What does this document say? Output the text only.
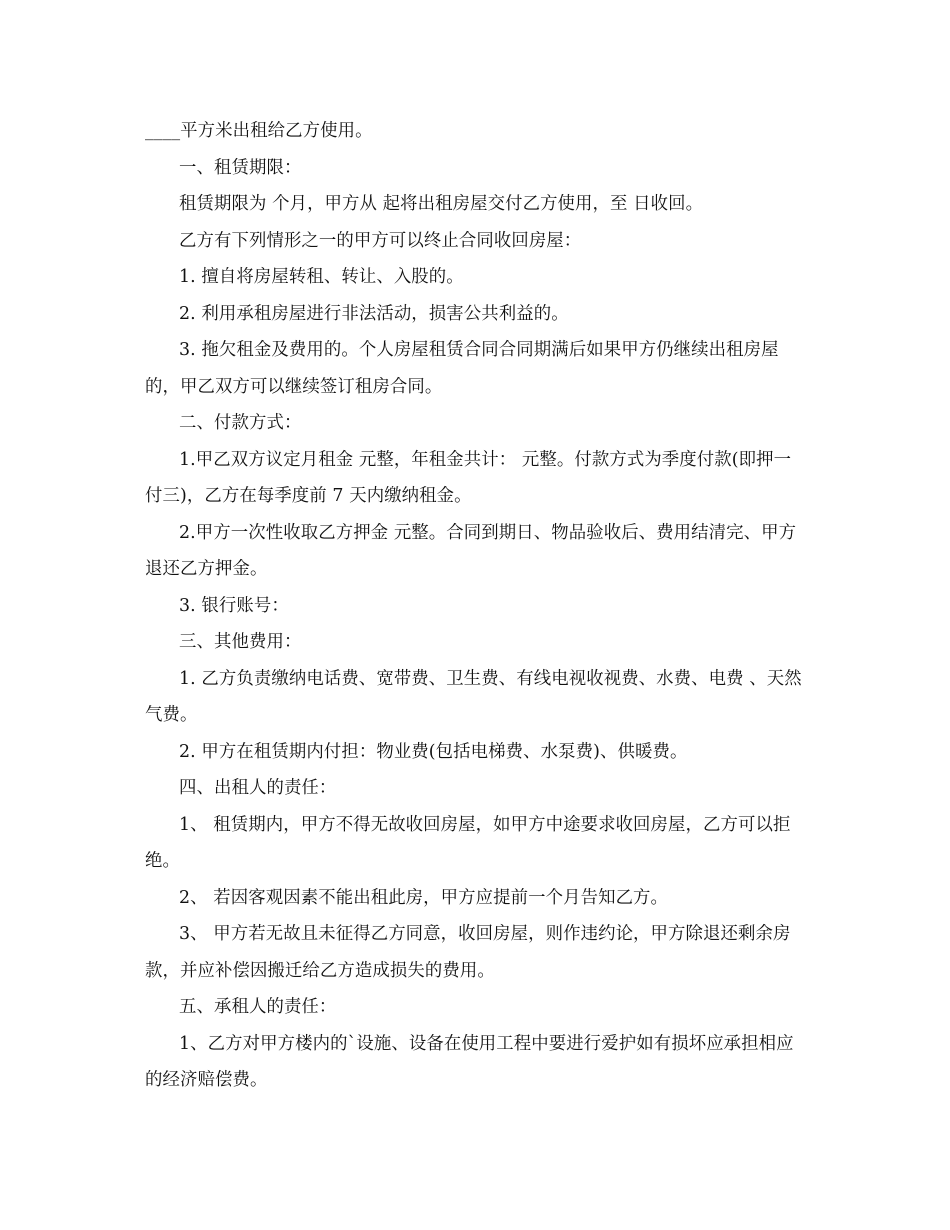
____平方米出租给乙方使用。

一、租赁期限：

租赁期限为 个月，甲方从 起将出租房屋交付乙方使用，至 日收回。

乙方有下列情形之一的甲方可以终止合同收回房屋：

1. 擅自将房屋转租、转让、入股的。

2. 利用承租房屋进行非法活动，损害公共利益的。

3. 拖欠租金及费用的。个人房屋租赁合同合同期满后如果甲方仍继续出租房屋的，甲乙双方可以继续签订租房合同。

二、付款方式：

1.甲乙双方议定月租金 元整，年租金共计： 元整。付款方式为季度付款(即押一付三)，乙方在每季度前 7 天内缴纳租金。

2.甲方一次性收取乙方押金 元整。合同到期日、物品验收后、费用结清完、甲方退还乙方押金。

3. 银行账号：

三、其他费用：

1. 乙方负责缴纳电话费、宽带费、卫生费、有线电视收视费、水费、电费 、天然气费。

2. 甲方在租赁期内付担：物业费(包括电梯费、水泵费)、供暖费。

四、出租人的责任：

1、 租赁期内，甲方不得无故收回房屋，如甲方中途要求收回房屋，乙方可以拒绝。

2、 若因客观因素不能出租此房，甲方应提前一个月告知乙方。

3、 甲方若无故且未征得乙方同意，收回房屋，则作违约论，甲方除退还剩余房款，并应补偿因搬迁给乙方造成损失的费用。

五、承租人的责任：

1、乙方对甲方楼内的`设施、设备在使用工程中要进行爱护如有损坏应承担相应的经济赔偿费。
